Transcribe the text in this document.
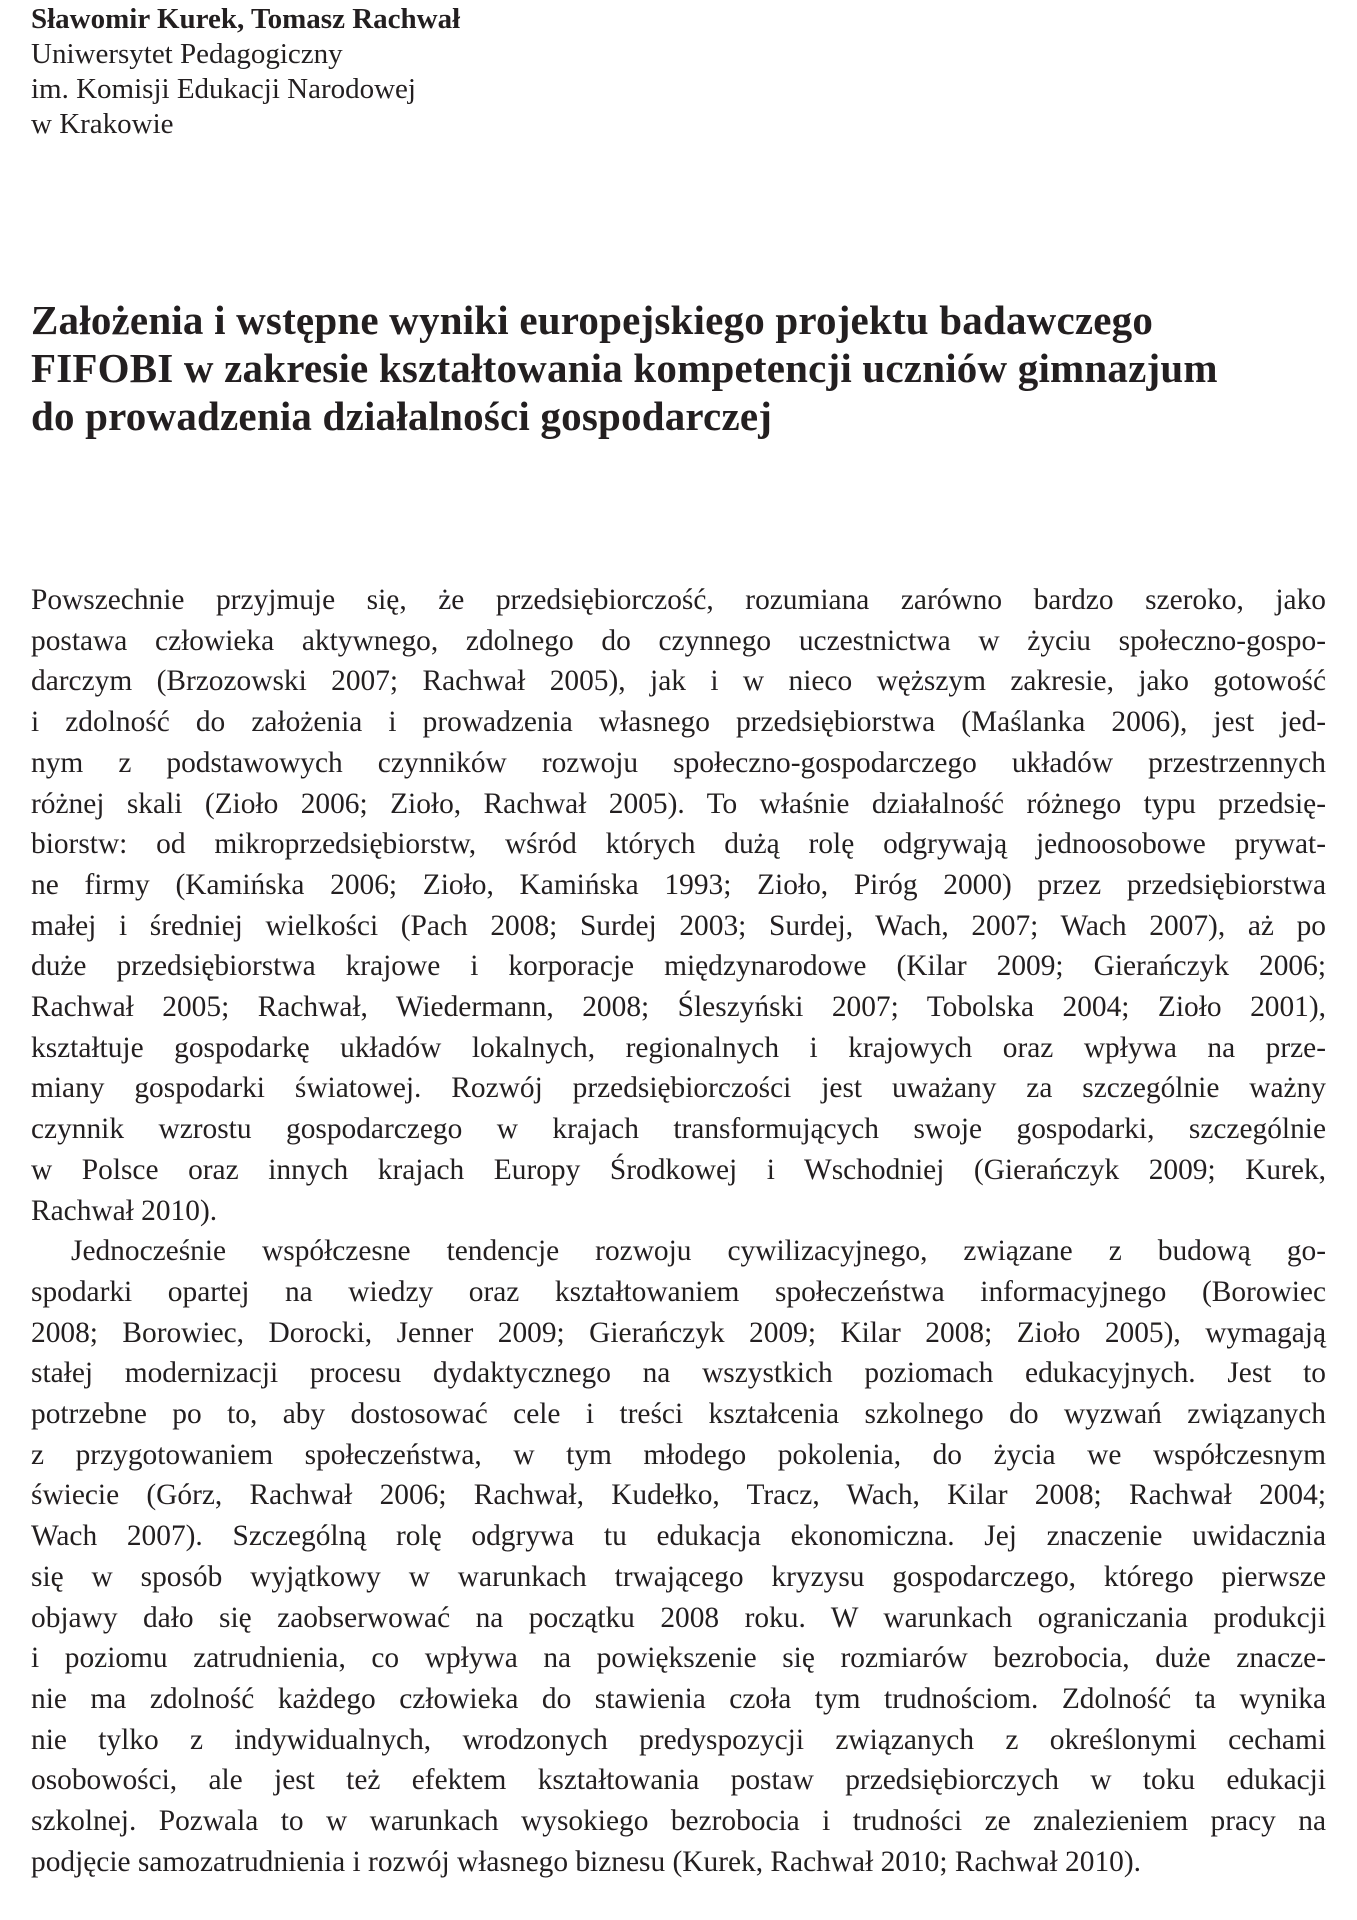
Sławomir Kurek, Tomasz Rachwał
Uniwersytet Pedagogiczny
im. Komisji Edukacji Narodowej
w Krakowie
Założenia i wstępne wyniki europejskiego projektu badawczego
FIFOBI w zakresie kształtowania kompetencji uczniów gimnazjum
do prowadzenia działalności gospodarczej
Powszechnie przyjmuje się, że przedsiębiorczość, rozumiana zarówno bardzo szeroko, jako
postawa człowieka aktywnego, zdolnego do czynnego uczestnictwa w życiu społeczno-gospo-
darczym (Brzozowski 2007; Rachwał 2005), jak i w nieco węższym zakresie, jako gotowość
i zdolność do założenia i prowadzenia własnego przedsiębiorstwa (Maślanka 2006), jest jed-
nym z podstawowych czynników rozwoju społeczno-gospodarczego układów przestrzennych
różnej skali (Zioło 2006; Zioło, Rachwał 2005). To właśnie działalność różnego typu przedsię-
biorstw: od mikroprzedsiębiorstw, wśród których dużą rolę odgrywają jednoosobowe prywat-
ne firmy (Kamińska 2006; Zioło, Kamińska 1993; Zioło, Piróg 2000) przez przedsiębiorstwa
małej i średniej wielkości (Pach 2008; Surdej 2003; Surdej, Wach, 2007; Wach 2007), aż po
duże przedsiębiorstwa krajowe i korporacje międzynarodowe (Kilar 2009; Gierańczyk 2006;
Rachwał 2005; Rachwał, Wiedermann, 2008; Śleszyński 2007; Tobolska 2004; Zioło 2001),
kształtuje gospodarkę układów lokalnych, regionalnych i krajowych oraz wpływa na prze-
miany gospodarki światowej. Rozwój przedsiębiorczości jest uważany za szczególnie ważny
czynnik wzrostu gospodarczego w krajach transformujących swoje gospodarki, szczególnie
w Polsce oraz innych krajach Europy Środkowej i Wschodniej (Gierańczyk 2009; Kurek,
Rachwał 2010).
Jednocześnie współczesne tendencje rozwoju cywilizacyjnego, związane z budową go-
spodarki opartej na wiedzy oraz kształtowaniem społeczeństwa informacyjnego (Borowiec
2008; Borowiec, Dorocki, Jenner 2009; Gierańczyk 2009; Kilar 2008; Zioło 2005), wymagają
stałej modernizacji procesu dydaktycznego na wszystkich poziomach edukacyjnych. Jest to
potrzebne po to, aby dostosować cele i treści kształcenia szkolnego do wyzwań związanych
z przygotowaniem społeczeństwa, w tym młodego pokolenia, do życia we współczesnym
świecie (Górz, Rachwał 2006; Rachwał, Kudełko, Tracz, Wach, Kilar 2008; Rachwał 2004;
Wach 2007). Szczególną rolę odgrywa tu edukacja ekonomiczna. Jej znaczenie uwidacznia
się w sposób wyjątkowy w warunkach trwającego kryzysu gospodarczego, którego pierwsze
objawy dało się zaobserwować na początku 2008 roku. W warunkach ograniczania produkcji
i poziomu zatrudnienia, co wpływa na powiększenie się rozmiarów bezrobocia, duże znacze-
nie ma zdolność każdego człowieka do stawienia czoła tym trudnościom. Zdolność ta wynika
nie tylko z indywidualnych, wrodzonych predyspozycji związanych z określonymi cechami
osobowości, ale jest też efektem kształtowania postaw przedsiębiorczych w toku edukacji
szkolnej. Pozwala to w warunkach wysokiego bezrobocia i trudności ze znalezieniem pracy na
podjęcie samozatrudnienia i rozwój własnego biznesu (Kurek, Rachwał 2010; Rachwał 2010).
